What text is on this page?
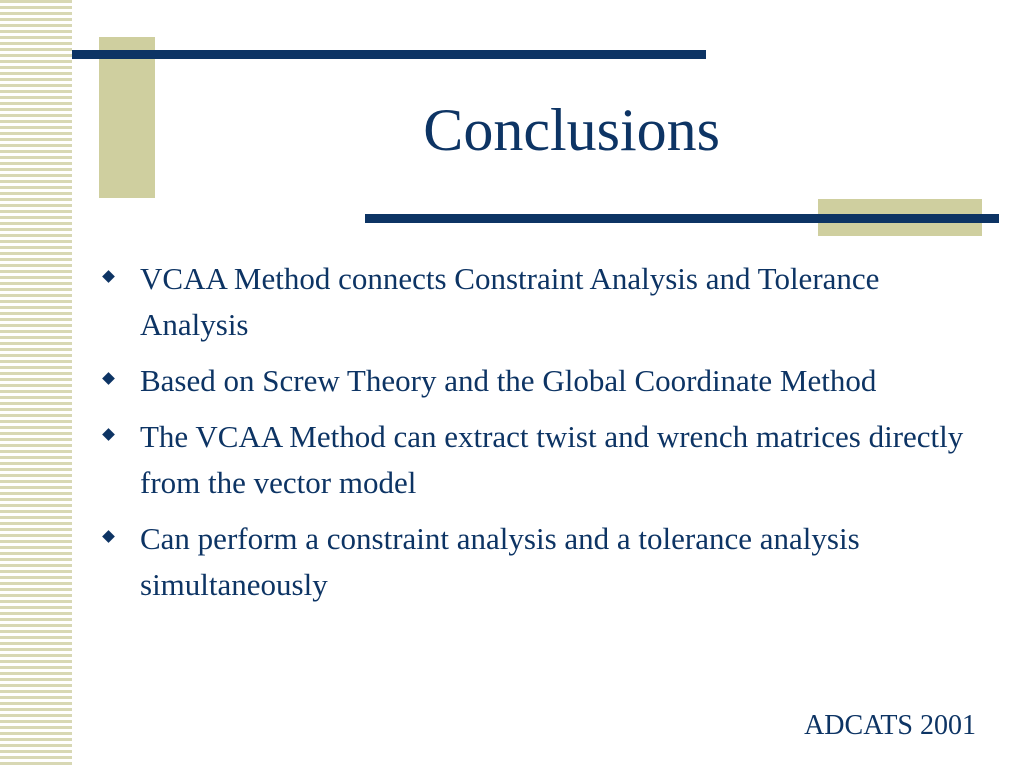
Conclusions
VCAA Method connects Constraint Analysis and Tolerance Analysis
Based on Screw Theory and the Global Coordinate Method
The VCAA Method can extract twist and wrench matrices directly from the vector model
Can perform a constraint analysis and a tolerance analysis simultaneously

ADCATS 2001
